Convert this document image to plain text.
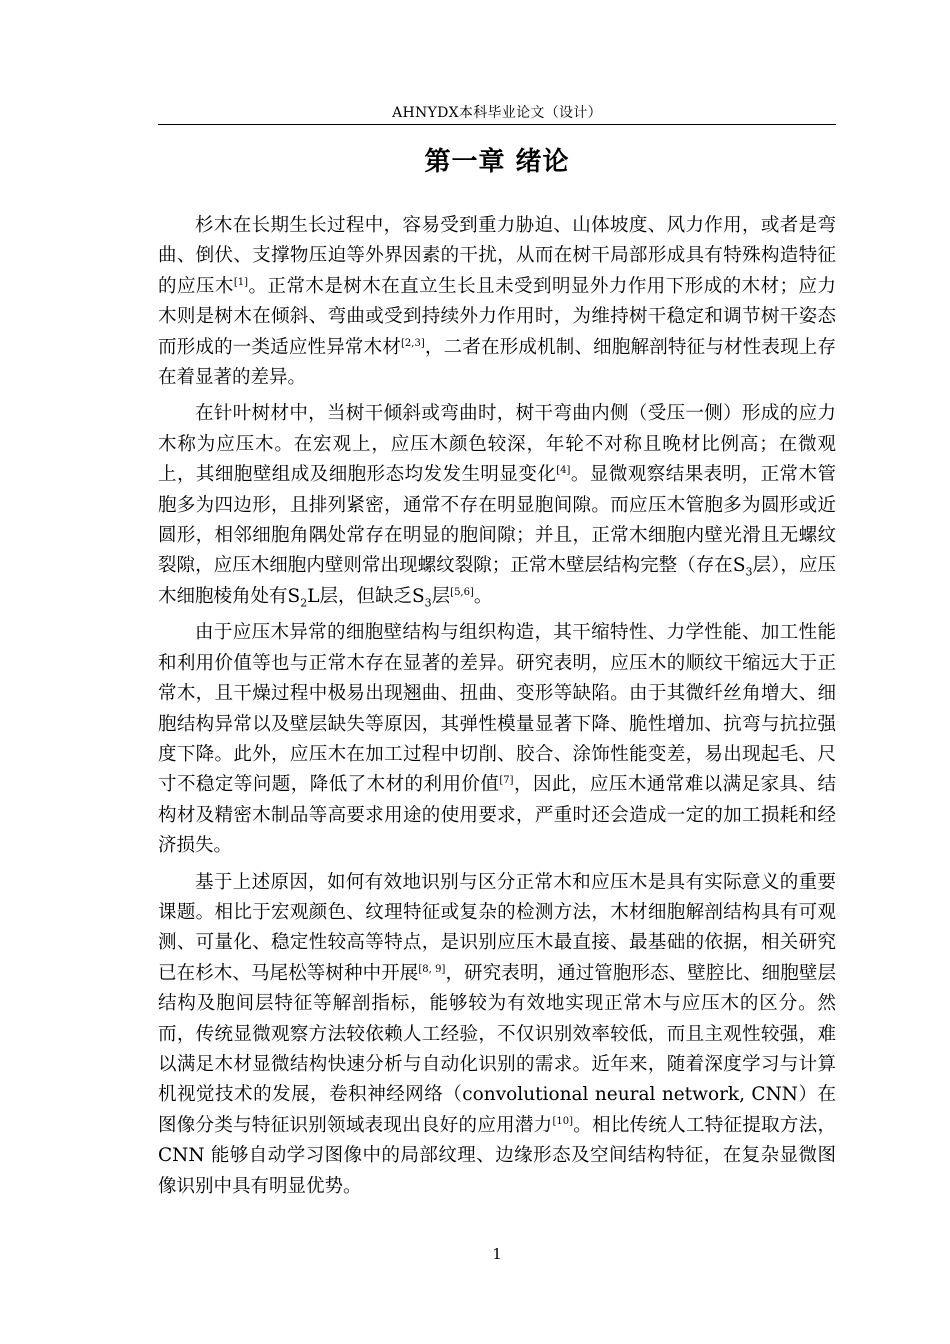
AHNYDX本科毕业论文（设计）
第一章 绪论

杉木在长期生长过程中，容易受到重力胁迫、山体坡度、风力作用，或者是弯曲、倒伏、支撑物压迫等外界因素的干扰，从而在树干局部形成具有特殊构造特征的应压木[1]。正常木是树木在直立生长且未受到明显外力作用下形成的木材；应力木则是树木在倾斜、弯曲或受到持续外力作用时，为维持树干稳定和调节树干姿态而形成的一类适应性异常木材[2,3]，二者在形成机制、细胞解剖特征与材性表现上存在着显著的差异。

在针叶树材中，当树干倾斜或弯曲时，树干弯曲内侧（受压一侧）形成的应力木称为应压木。在宏观上，应压木颜色较深，年轮不对称且晚材比例高；在微观上，其细胞壁组成及细胞形态均发发生明显变化[4]。显微观察结果表明，正常木管胞多为四边形，且排列紧密，通常不存在明显胞间隙。而应压木管胞多为圆形或近圆形，相邻细胞角隅处常存在明显的胞间隙；并且，正常木细胞内壁光滑且无螺纹裂隙，应压木细胞内壁则常出现螺纹裂隙；正常木壁层结构完整（存在$S_3$层），应压木细胞棱角处有$S_2L$层，但缺乏$S_3$层[5,6]。

由于应压木异常的细胞壁结构与组织构造，其干缩特性、力学性能、加工性能和利用价值等也与正常木存在显著的差异。研究表明，应压木的顺纹干缩远大于正常木，且干燥过程中极易出现翘曲、扭曲、变形等缺陷。由于其微纤丝角增大、细胞结构异常以及壁层缺失等原因，其弹性模量显著下降、脆性增加、抗弯与抗拉强度下降。此外，应压木在加工过程中切削、胶合、涂饰性能变差，易出现起毛、尺寸不稳定等问题，降低了木材的利用价值[7]，因此，应压木通常难以满足家具、结构材及精密木制品等高要求用途的使用要求，严重时还会造成一定的加工损耗和经济损失。

基于上述原因，如何有效地识别与区分正常木和应压木是具有实际意义的重要课题。相比于宏观颜色、纹理特征或复杂的检测方法，木材细胞解剖结构具有可观测、可量化、稳定性较高等特点，是识别应压木最直接、最基础的依据，相关研究已在杉木、马尾松等树种中开展[8, 9]，研究表明，通过管胞形态、壁腔比、细胞壁层结构及胞间层特征等解剖指标，能够较为有效地实现正常木与应压木的区分。然而，传统显微观察方法较依赖人工经验，不仅识别效率较低，而且主观性较强，难以满足木材显微结构快速分析与自动化识别的需求。近年来，随着深度学习与计算机视觉技术的发展，卷积神经网络（convolutional neural network, CNN）在图像分类与特征识别领域表现出良好的应用潜力[10]。相比传统人工特征提取方法，CNN 能够自动学习图像中的局部纹理、边缘形态及空间结构特征，在复杂显微图像识别中具有明显优势。

1
